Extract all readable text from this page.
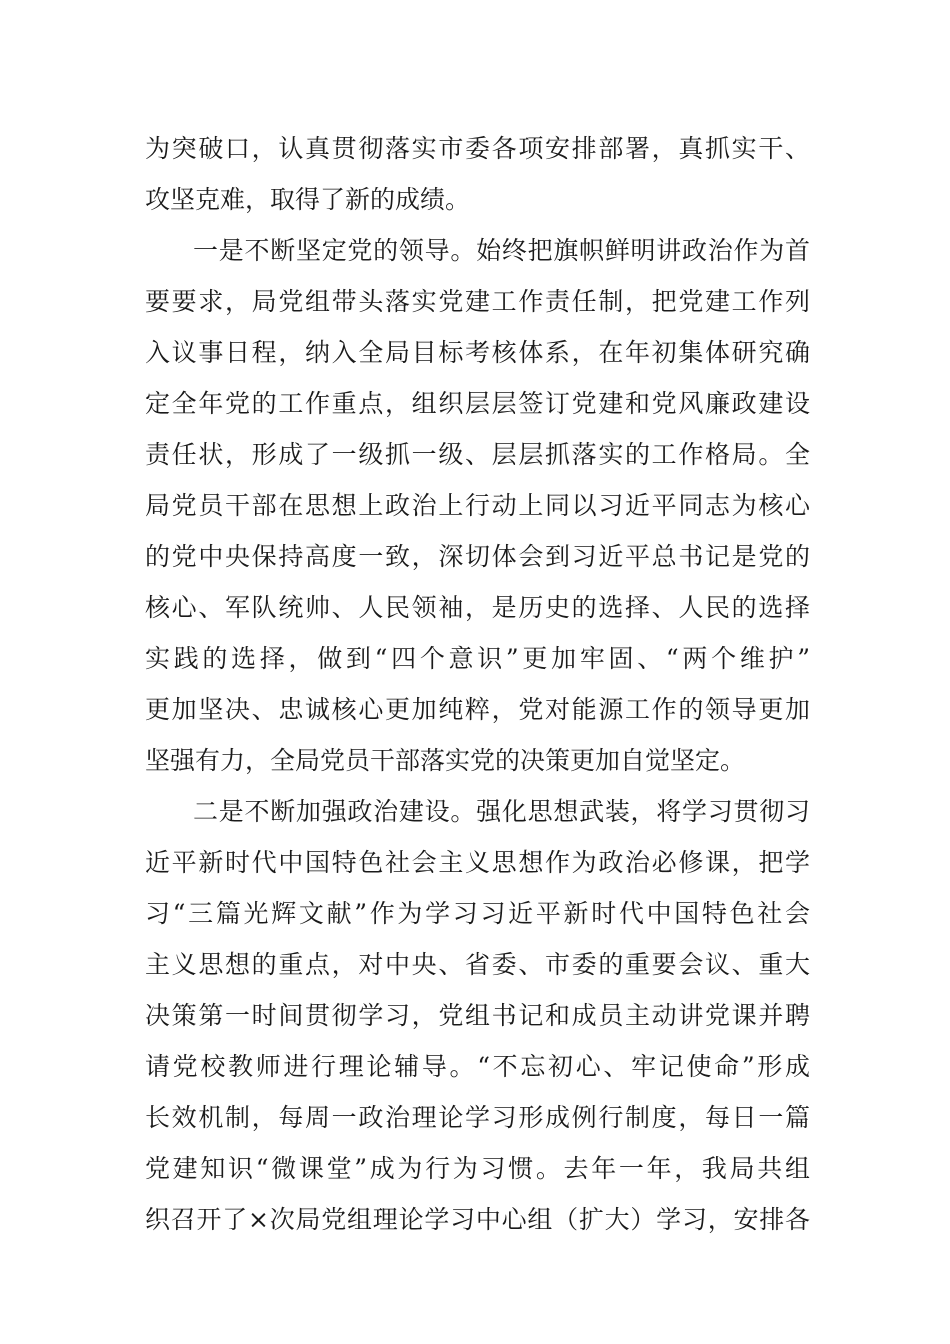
为突破口，认真贯彻落实市委各项安排部署，真抓实干、
攻坚克难，取得了新的成绩。
一是不断坚定党的领导。始终把旗帜鲜明讲政治作为首
要要求，局党组带头落实党建工作责任制，把党建工作列
入议事日程，纳入全局目标考核体系，在年初集体研究确
定全年党的工作重点，组织层层签订党建和党风廉政建设
责任状，形成了一级抓一级、层层抓落实的工作格局。全
局党员干部在思想上政治上行动上同以习近平同志为核心
的党中央保持高度一致，深切体会到习近平总书记是党的
核心、军队统帅、人民领袖，是历史的选择、人民的选择
实践的选择，做到“四个意识”更加牢固、“两个维护”
更加坚决、忠诚核心更加纯粹，党对能源工作的领导更加
坚强有力，全局党员干部落实党的决策更加自觉坚定。
二是不断加强政治建设。强化思想武装，将学习贯彻习
近平新时代中国特色社会主义思想作为政治必修课，把学
习“三篇光辉文献”作为学习习近平新时代中国特色社会
主义思想的重点，对中央、省委、市委的重要会议、重大
决策第一时间贯彻学习，党组书记和成员主动讲党课并聘
请党校教师进行理论辅导。“不忘初心、牢记使命”形成
长效机制，每周一政治理论学习形成例行制度，每日一篇
党建知识“微课堂”成为行为习惯。去年一年，我局共组
织召开了×次局党组理论学习中心组（扩大）学习，安排各
